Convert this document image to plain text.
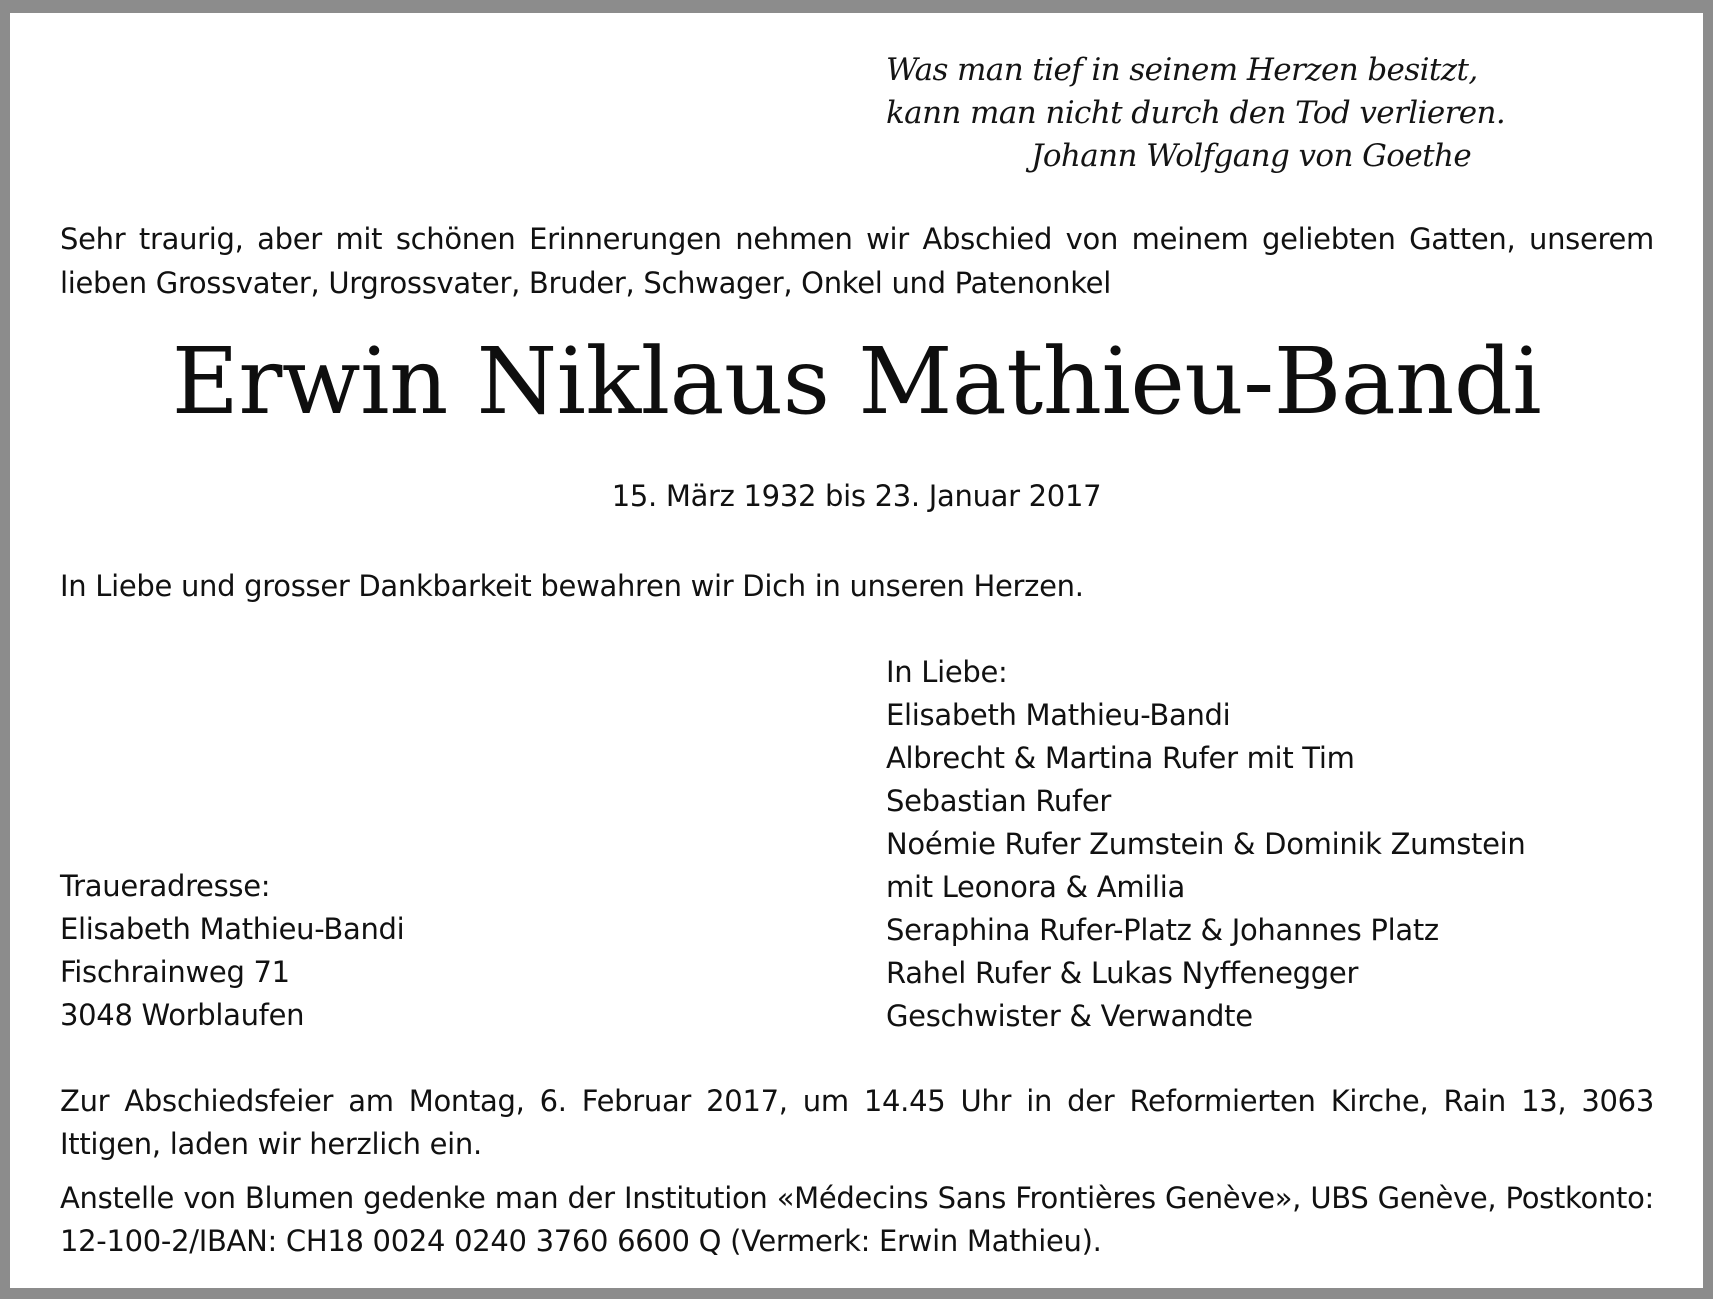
Was man tief in seinem Herzen besitzt,
kann man nicht durch den Tod verlieren.
Johann Wolfgang von Goethe
Sehr traurig, aber mit schönen Erinnerungen nehmen wir Abschied von meinem geliebten Gatten, unserem lieben Grossvater, Urgrossvater, Bruder, Schwager, Onkel und Patenonkel
Erwin Niklaus Mathieu-Bandi
15. März 1932 bis 23. Januar 2017
In Liebe und grosser Dankbarkeit bewahren wir Dich in unseren Herzen.
In Liebe:
Elisabeth Mathieu-Bandi
Albrecht & Martina Rufer mit Tim
Sebastian Rufer
Noémie Rufer Zumstein & Dominik Zumstein
mit Leonora & Amilia
Seraphina Rufer-Platz & Johannes Platz
Rahel Rufer & Lukas Nyffenegger
Geschwister & Verwandte
Traueradresse:
Elisabeth Mathieu-Bandi
Fischrainweg 71
3048 Worblaufen
Zur Abschiedsfeier am Montag, 6. Februar 2017, um 14.45 Uhr in der Reformierten Kirche, Rain 13, 3063 Ittigen, laden wir herzlich ein.
Anstelle von Blumen gedenke man der Institution «Médecins Sans Frontières Genève», UBS Genève, Postkonto: 12-100-2/IBAN: CH18 0024 0240 3760 6600 Q (Vermerk: Erwin Mathieu).
